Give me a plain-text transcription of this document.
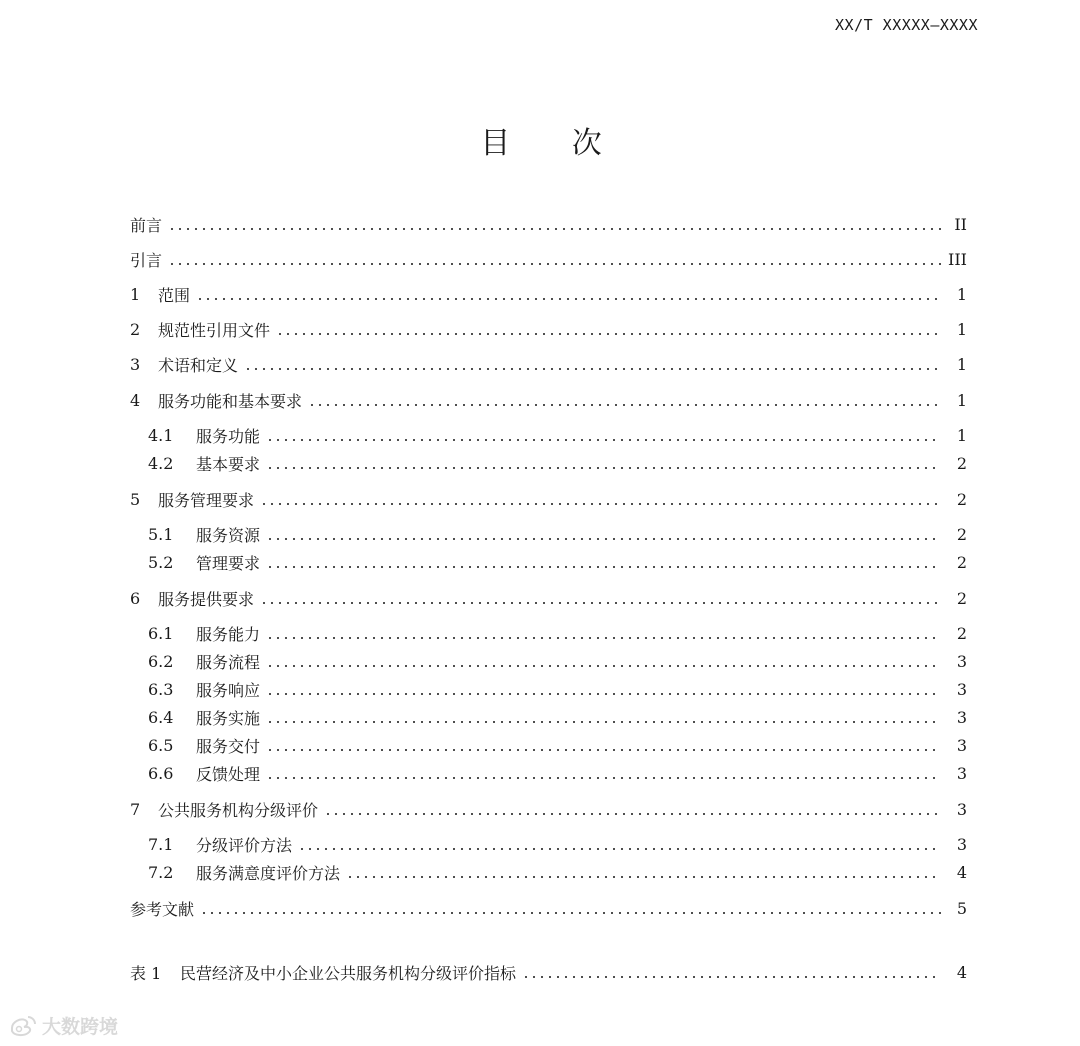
XX/T XXXXX—XXXX
目 次
前言	II
引言	III
1	范围	1
2	规范性引用文件	1
3	术语和定义	1
4	服务功能和基本要求	1
4.1	服务功能	1
4.2	基本要求	2
5	服务管理要求	2
5.1	服务资源	2
5.2	管理要求	2
6	服务提供要求	2
6.1	服务能力	2
6.2	服务流程	3
6.3	服务响应	3
6.4	服务实施	3
6.5	服务交付	3
6.6	反馈处理	3
7	公共服务机构分级评价	3
7.1	分级评价方法	3
7.2	服务满意度评价方法	4
参考文献	5
表 1	民营经济及中小企业公共服务机构分级评价指标	4
大数跨境
